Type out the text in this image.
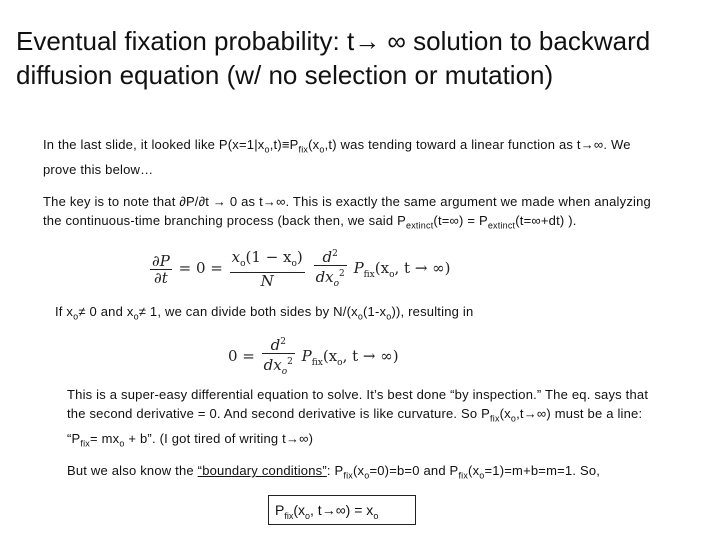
Eventual fixation probability: t→ ∞ solution to backward diffusion equation (w/ no selection or mutation)
In the last slide, it looked like $P(x=1|x_o,t)\equiv P_{fix}(x_o,t)$ was tending toward a linear function as t→∞. We prove this below…
The key is to note that ∂P/∂t → 0 as t→∞. This is exactly the same argument we made when analyzing the continuous-time branching process (back then, we said $P_{extinct}(t=\infty) = P_{extinct}(t=\infty+dt)$ ).
$\frac{\partial P}{\partial t} = 0 = \frac{x_o(1 - x_o)}{N}$
$\frac{d^2}{dx_o^2} P_{fix}(x_o$, t → ∞)
If $x_o\ne 0$ and $x_o\ne 1$, we can divide both sides by $N/(x_o(1-x_o))$, resulting in
$0 = \frac{d^2}{dx_o^2} P_{fix}(x_o$, t → ∞)
This is a super-easy differential equation to solve. It’s best done “by inspection.” The eq. says that the second derivative = 0. And second derivative is like curvature. So $P_{fix}(x_o,t\to\infty)$ must be a line: “$P_{fix}= mx_o + b$”. (I got tired of writing t→∞)
But we also know the “boundary conditions”: $P_{fix}(x_o=0)=b=0$ and $P_{fix}(x_o=1)=m+b=m=1$. So,
$P_{fix}(x_o$, $t\to\infty) = x_o$
